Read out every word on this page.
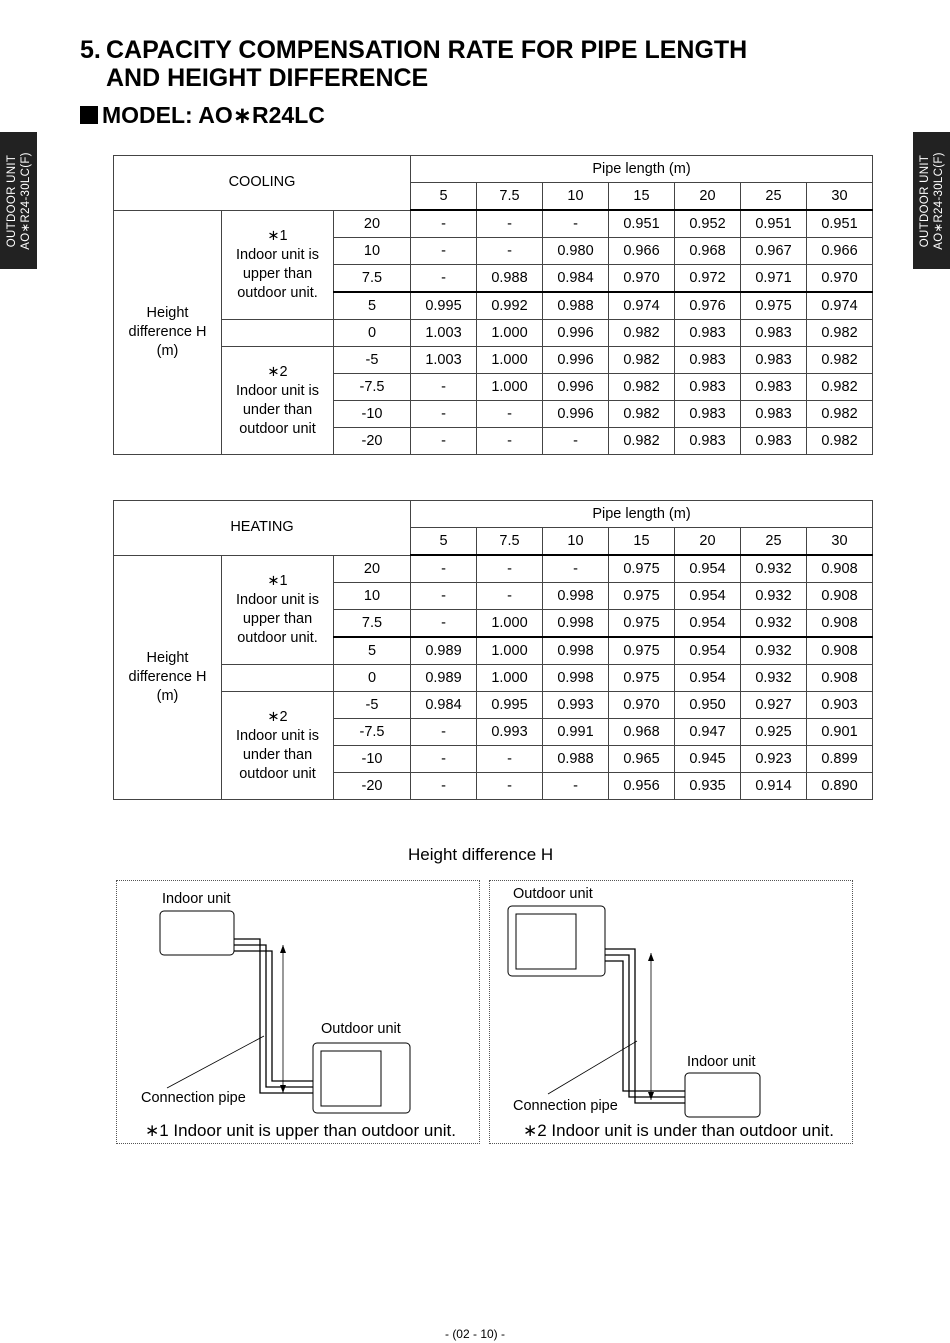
5. CAPACITY COMPENSATION RATE FOR PIPE LENGTH
AND HEIGHT DIFFERENCE
MODEL: AO∗R24LC
OUTDOOR UNIT AO∗R24-30LC(F)	OUTDOOR UNIT AO∗R24-30LC(F)
COOLING			Pipe length (m)						
			5	7.5	10	15	20	25	30
Height difference H (m)	∗1
Indoor unit is upper than outdoor unit.	20	-	-	-	0.951	0.952	0.951	0.951
		10	-	-	0.980	0.966	0.968	0.967	0.966
		7.5	-	0.988	0.984	0.970	0.972	0.971	0.970
		5	0.995	0.992	0.988	0.974	0.976	0.975	0.974
		0	1.003	1.000	0.996	0.982	0.983	0.983	0.982

	∗2
Indoor unit is under than outdoor unit	-5	1.003	1.000	0.996	0.982	0.983	0.983	0.982
		-7.5	-	1.000	0.996	0.982	0.983	0.983	0.982
		-10	-	-	0.996	0.982	0.983	0.983	0.982
		-20	-	-	-	0.982	0.983	0.983	0.982
HEATING			Pipe length (m)						
			5	7.5	10	15	20	25	30
Height difference H (m)	∗1
Indoor unit is upper than outdoor unit.	20	-	-	-	0.975	0.954	0.932	0.908
		10	-	-	0.998	0.975	0.954	0.932	0.908
		7.5	-	1.000	0.998	0.975	0.954	0.932	0.908
		5	0.989	1.000	0.998	0.975	0.954	0.932	0.908
		0	0.989	1.000	0.998	0.975	0.954	0.932	0.908

	∗2
Indoor unit is under than outdoor unit	-5	0.984	0.995	0.993	0.970	0.950	0.927	0.903
		-7.5	-	0.993	0.991	0.968	0.947	0.925	0.901
		-10	-	-	0.988	0.965	0.945	0.923	0.899
		-20	-	-	-	0.956	0.935	0.914	0.890

Height difference H

Indoor unit

Outdoor unit

Connection pipe

∗1 Indoor unit is upper than outdoor unit.

Outdoor unit

Indoor unit

Connection pipe

∗2 Indoor unit is under than outdoor unit.

- (02 - 10) -
